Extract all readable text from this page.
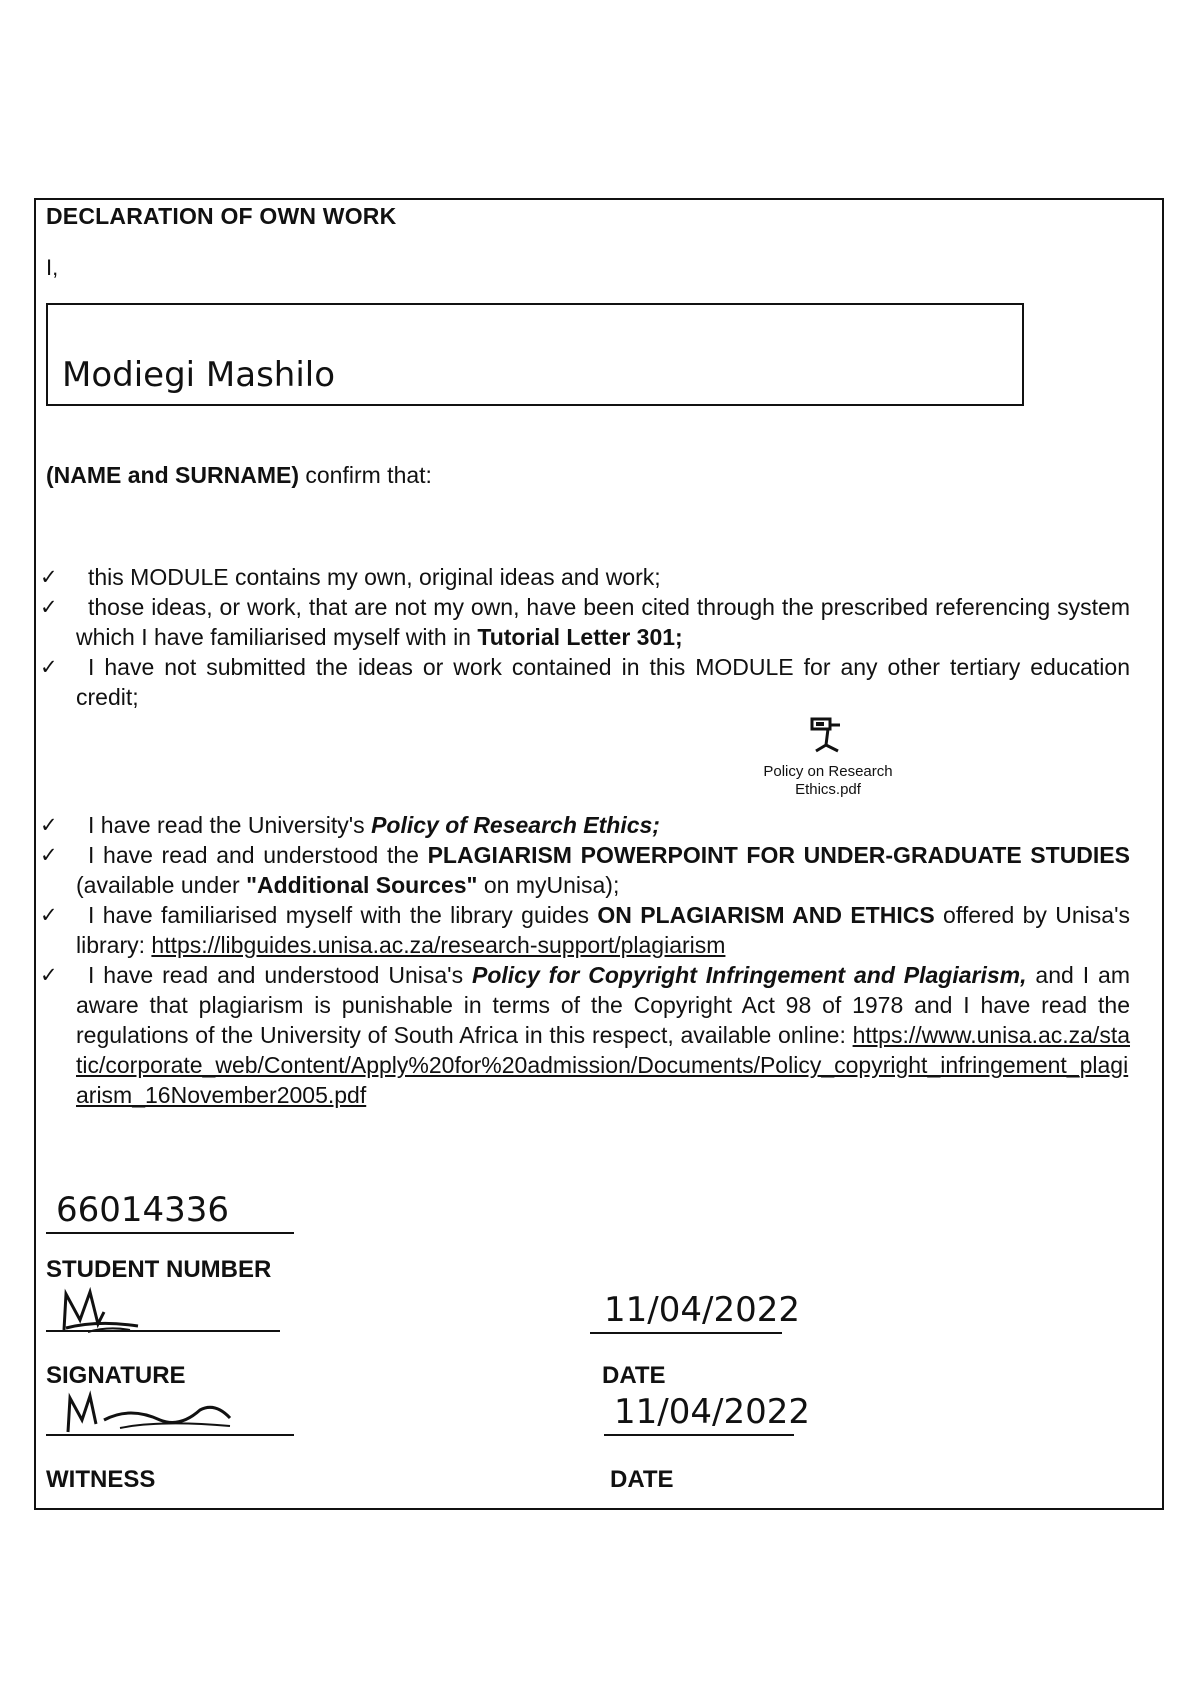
DECLARATION OF OWN WORK
I,
Modiegi Mashilo
(NAME and SURNAME) confirm that:
✓ this MODULE contains my own, original ideas and work;
✓ those ideas, or work, that are not my own, have been cited through the prescribed referencing system which I have familiarised myself with in Tutorial Letter 301;
✓ I have not submitted the ideas or work contained in this MODULE for any other tertiary education credit;
✓ I have read the University's Policy of Research Ethics;
✓ I have read and understood the PLAGIARISM POWERPOINT FOR UNDER-GRADUATE STUDIES (available under "Additional Sources" on myUnisa);
✓ I have familiarised myself with the library guides ON PLAGIARISM AND ETHICS offered by Unisa's library: https://libguides.unisa.ac.za/research-support/plagiarism
✓ I have read and understood Unisa's Policy for Copyright Infringement and Plagiarism, and I am aware that plagiarism is punishable in terms of the Copyright Act 98 of 1978 and I have read the regulations of the University of South Africa in this respect, available online: https://www.unisa.ac.za/static/corporate_web/Content/Apply%20for%20admission/Documents/Policy_copyright_infringement_plagiarism_16November2005.pdf
Policy on Research Ethics.pdf
66014336
STUDENT NUMBER
SIGNATURE
11/04/2022
DATE
WITNESS
11/04/2022
DATE
